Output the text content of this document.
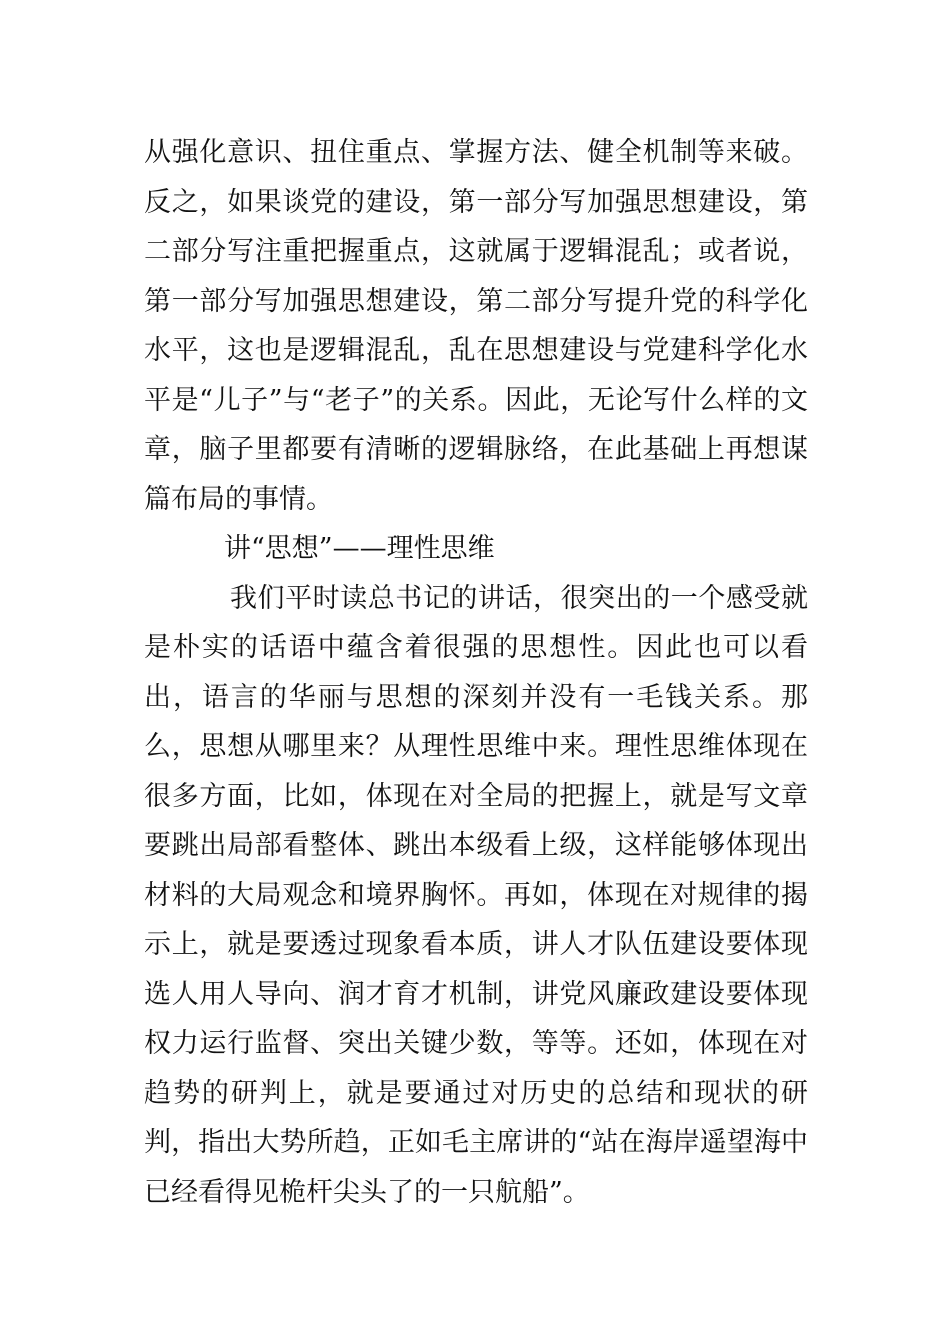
从强化意识、扭住重点、掌握方法、健全机制等来破。反之，如果谈党的建设，第一部分写加强思想建设，第二部分写注重把握重点，这就属于逻辑混乱；或者说，第一部分写加强思想建设，第二部分写提升党的科学化水平，这也是逻辑混乱，乱在思想建设与党建科学化水平是“儿子”与“老子”的关系。因此，无论写什么样的文章，脑子里都要有清晰的逻辑脉络，在此基础上再想谋篇布局的事情。

讲“思想”——理性思维

我们平时读总书记的讲话，很突出的一个感受就是朴实的话语中蕴含着很强的思想性。因此也可以看出，语言的华丽与思想的深刻并没有一毛钱关系。那么，思想从哪里来？从理性思维中来。理性思维体现在很多方面，比如，体现在对全局的把握上，就是写文章要跳出局部看整体、跳出本级看上级，这样能够体现出材料的大局观念和境界胸怀。再如，体现在对规律的揭示上，就是要透过现象看本质，讲人才队伍建设要体现选人用人导向、润才育才机制，讲党风廉政建设要体现权力运行监督、突出关键少数，等等。还如，体现在对趋势的研判上，就是要通过对历史的总结和现状的研判，指出大势所趋，正如毛主席讲的“站在海岸遥望海中已经看得见桅杆尖头了的一只航船”。
